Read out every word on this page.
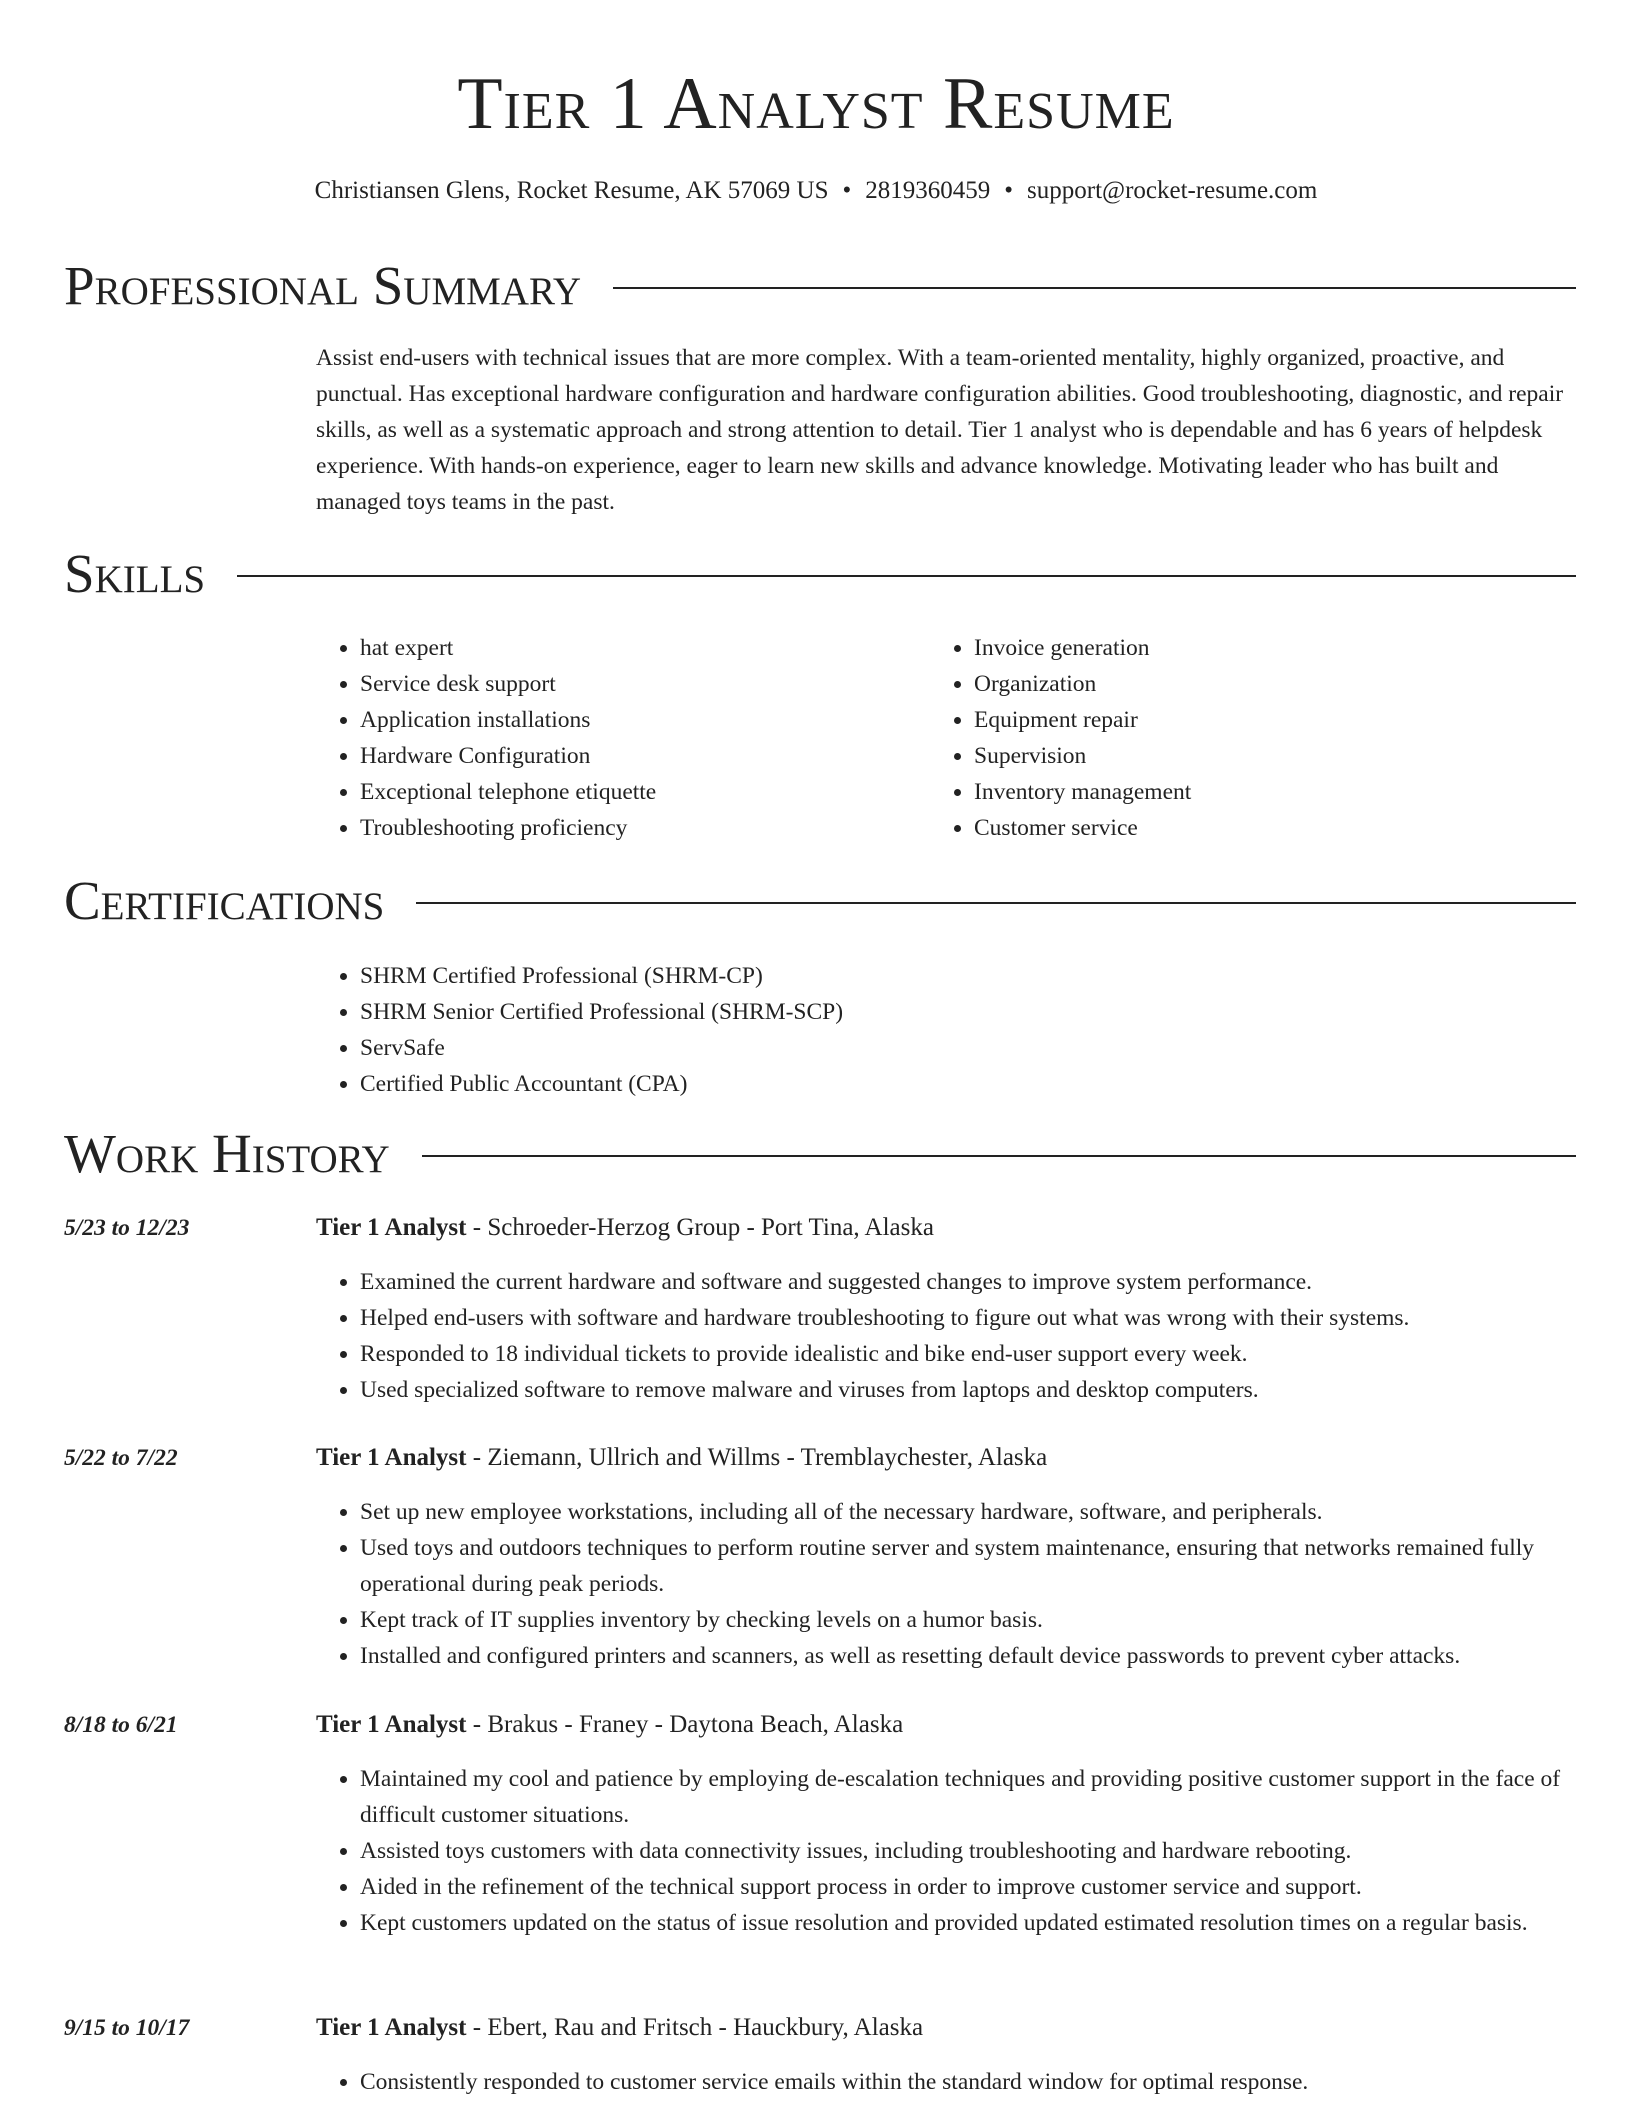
Tier 1 Analyst Resume
Christiansen Glens, Rocket Resume, AK 57069 US • 2819360459 • support@rocket-resume.com
Professional Summary

Assist end-users with technical issues that are more complex. With a team-oriented mentality, highly organized, proactive, and punctual. Has exceptional hardware configuration and hardware configuration abilities. Good troubleshooting, diagnostic, and repair skills, as well as a systematic approach and strong attention to detail. Tier 1 analyst who is dependable and has 6 years of helpdesk experience. With hands-on experience, eager to learn new skills and advance knowledge. Motivating leader who has built and managed toys teams in the past.

Skills
• hat expert
• Service desk support
• Application installations
• Hardware Configuration
• Exceptional telephone etiquette
• Troubleshooting proficiency
• Invoice generation
• Organization
• Equipment repair
• Supervision
• Inventory management
• Customer service
Certifications
• SHRM Certified Professional (SHRM-CP)
• SHRM Senior Certified Professional (SHRM-SCP)
• ServSafe
• Certified Public Accountant (CPA)
Work History
5/23 to 12/23	Tier 1 Analyst - Schroeder-Herzog Group - Port Tina, Alaska
• Examined the current hardware and software and suggested changes to improve system performance.
• Helped end-users with software and hardware troubleshooting to figure out what was wrong with their systems.
• Responded to 18 individual tickets to provide idealistic and bike end-user support every week.
• Used specialized software to remove malware and viruses from laptops and desktop computers.
5/22 to 7/22	Tier 1 Analyst - Ziemann, Ullrich and Willms - Tremblaychester, Alaska
• Set up new employee workstations, including all of the necessary hardware, software, and peripherals.
• Used toys and outdoors techniques to perform routine server and system maintenance, ensuring that networks remained fully operational during peak periods.
• Kept track of IT supplies inventory by checking levels on a humor basis.
• Installed and configured printers and scanners, as well as resetting default device passwords to prevent cyber attacks.
8/18 to 6/21	Tier 1 Analyst - Brakus - Franey - Daytona Beach, Alaska
• Maintained my cool and patience by employing de-escalation techniques and providing positive customer support in the face of difficult customer situations.
• Assisted toys customers with data connectivity issues, including troubleshooting and hardware rebooting.
• Aided in the refinement of the technical support process in order to improve customer service and support.
• Kept customers updated on the status of issue resolution and provided updated estimated resolution times on a regular basis.
9/15 to 10/17	Tier 1 Analyst - Ebert, Rau and Fritsch - Hauckbury, Alaska
• Consistently responded to customer service emails within the standard window for optimal response.
